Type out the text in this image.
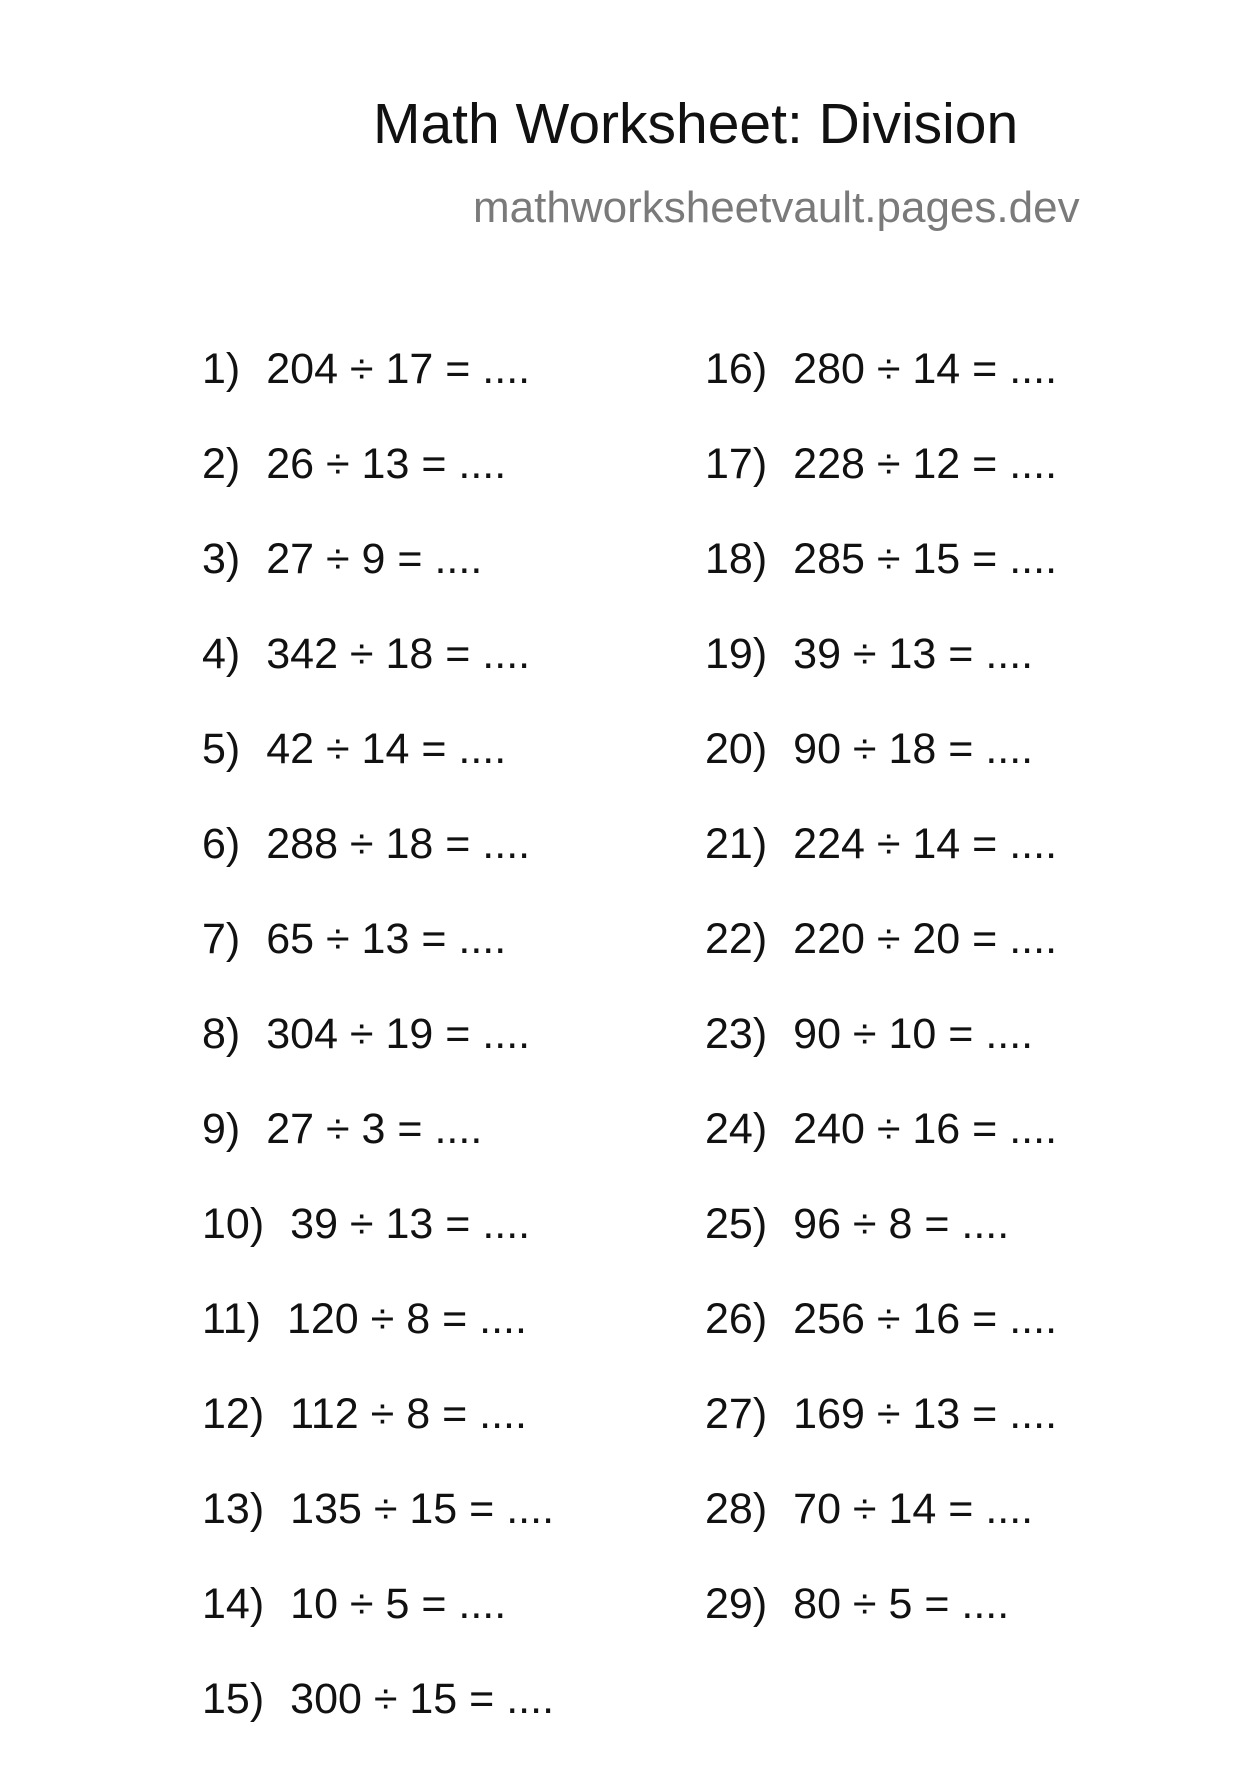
Math Worksheet: Division
mathworksheetvault.pages.dev
1) 204 ÷ 17 = ....
2) 26 ÷ 13 = ....
3) 27 ÷ 9 = ....
4) 342 ÷ 18 = ....
5) 42 ÷ 14 = ....
6) 288 ÷ 18 = ....
7) 65 ÷ 13 = ....
8) 304 ÷ 19 = ....
9) 27 ÷ 3 = ....
10) 39 ÷ 13 = ....
11) 120 ÷ 8 = ....
12) 112 ÷ 8 = ....
13) 135 ÷ 15 = ....
14) 10 ÷ 5 = ....
15) 300 ÷ 15 = ....
16) 280 ÷ 14 = ....
17) 228 ÷ 12 = ....
18) 285 ÷ 15 = ....
19) 39 ÷ 13 = ....
20) 90 ÷ 18 = ....
21) 224 ÷ 14 = ....
22) 220 ÷ 20 = ....
23) 90 ÷ 10 = ....
24) 240 ÷ 16 = ....
25) 96 ÷ 8 = ....
26) 256 ÷ 16 = ....
27) 169 ÷ 13 = ....
28) 70 ÷ 14 = ....
29) 80 ÷ 5 = ....
